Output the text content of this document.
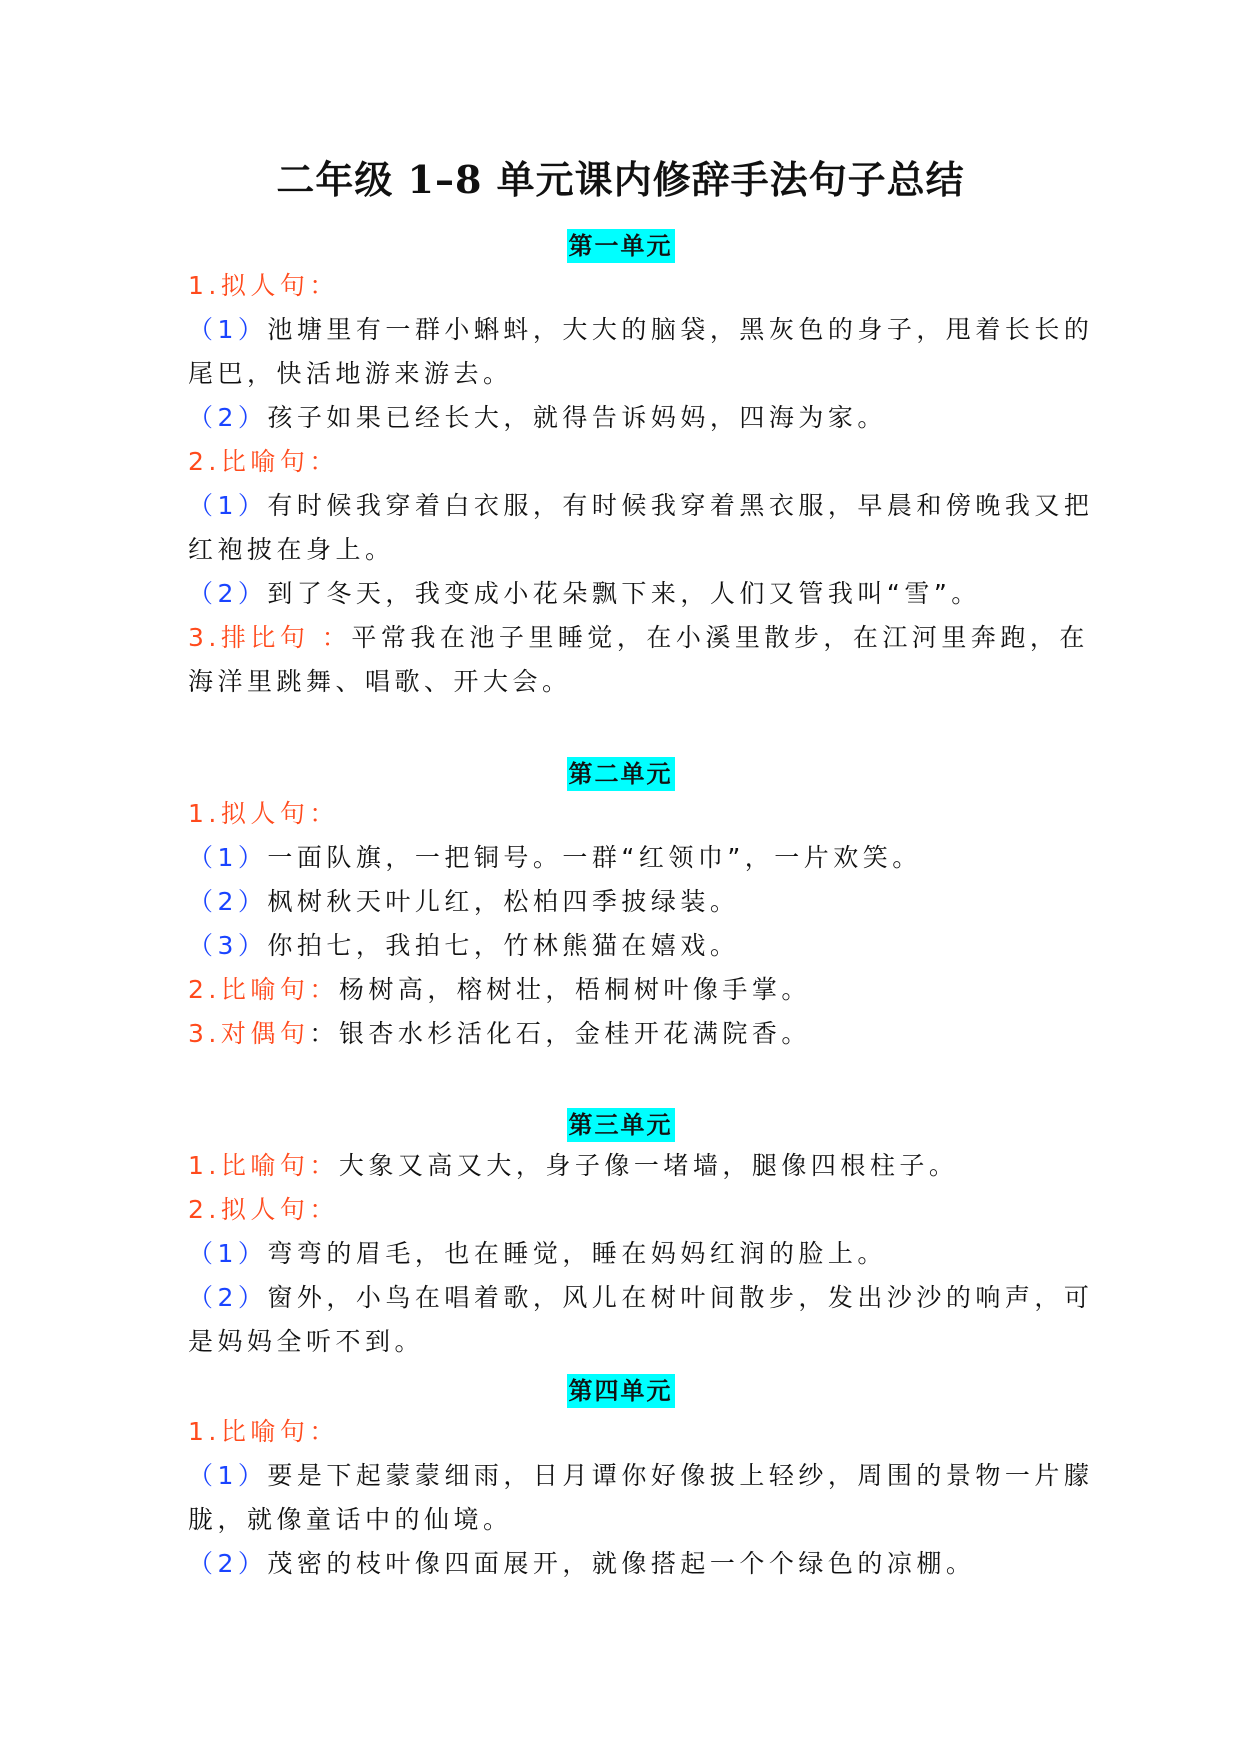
二年级 1–8 单元课内修辞手法句子总结
第一单元
1.拟人句：
（1）池塘里有一群小蝌蚪，大大的脑袋，黑灰色的身子，甩着长长的
尾巴，快活地游来游去。
（2）孩子如果已经长大，就得告诉妈妈，四海为家。
2.比喻句：
（1）有时候我穿着白衣服，有时候我穿着黑衣服，早晨和傍晚我又把
红袍披在身上。
（2）到了冬天，我变成小花朵飘下来，人们又管我叫“雪”。
3.排比句 ：平常我在池子里睡觉，在小溪里散步，在江河里奔跑，在
海洋里跳舞、唱歌、开大会。
第二单元
1.拟人句：
（1）一面队旗，一把铜号。一群“红领巾”，一片欢笑。
（2）枫树秋天叶儿红，松柏四季披绿装。
（3）你拍七，我拍七，竹林熊猫在嬉戏。
2.比喻句：杨树高，榕树壮，梧桐树叶像手掌。
3.对偶句：银杏水杉活化石，金桂开花满院香。
第三单元
1.比喻句：大象又高又大，身子像一堵墙，腿像四根柱子。
2.拟人句：
（1）弯弯的眉毛，也在睡觉，睡在妈妈红润的脸上。
（2）窗外，小鸟在唱着歌，风儿在树叶间散步，发出沙沙的响声，可
是妈妈全听不到。
第四单元
1.比喻句：
（1）要是下起蒙蒙细雨，日月谭你好像披上轻纱，周围的景物一片朦
胧，就像童话中的仙境。
（2）茂密的枝叶像四面展开，就像搭起一个个绿色的凉棚。
